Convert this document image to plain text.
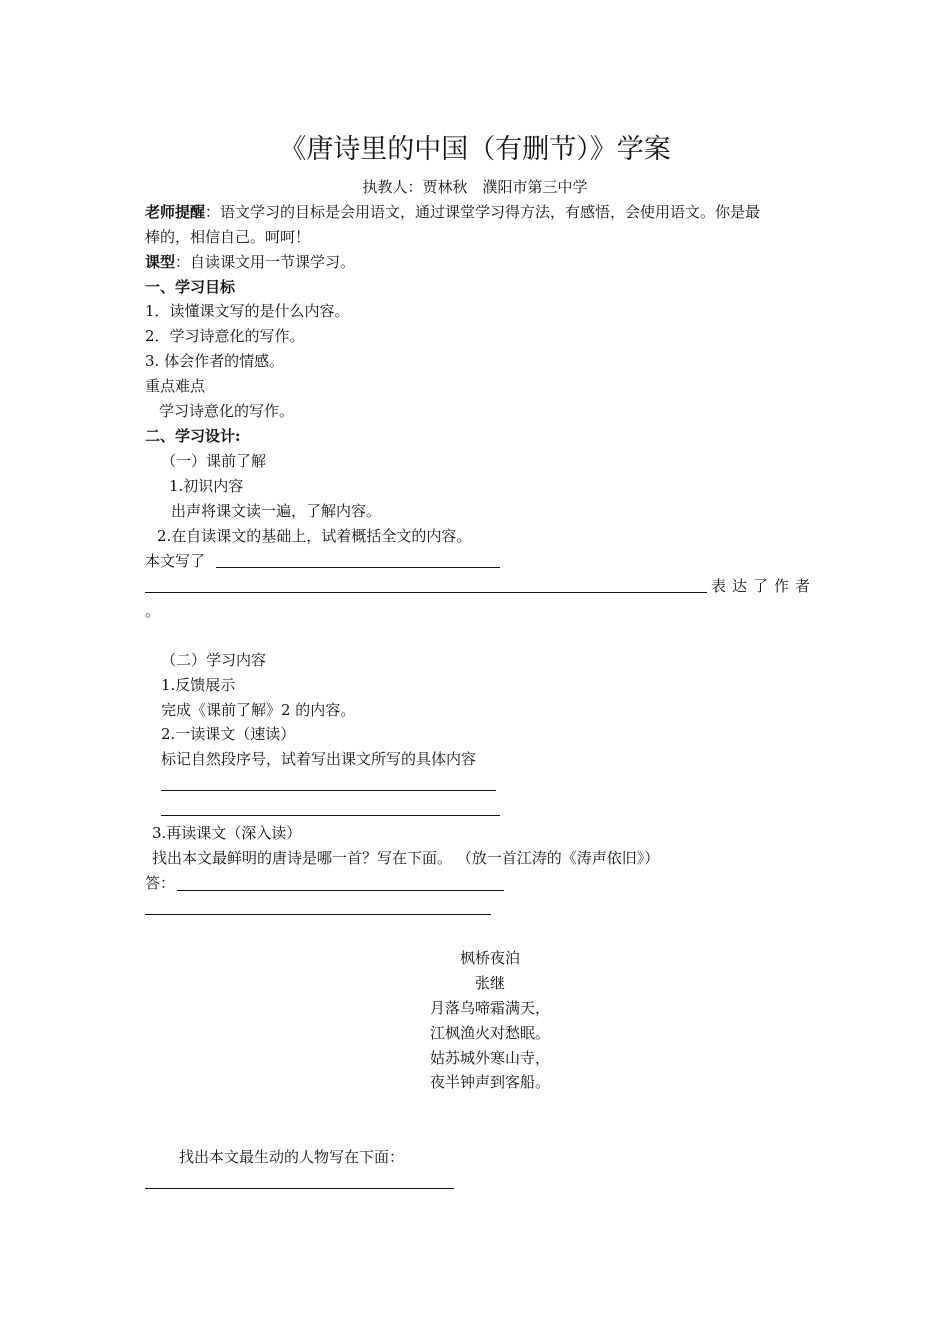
《唐诗里的中国（有删节）》学案
执教人：贾林秋　濮阳市第三中学
老师提醒：语文学习的目标是会用语文，通过课堂学习得方法，有感悟，会使用语文。你是最
棒的，相信自己。呵呵！
课型：自读课文用一节课学习。
一、学习目标
1．读懂课文写的是什么内容。
2．学习诗意化的写作。
3. 体会作者的情感。
重点难点
学习诗意化的写作。
二、学习设计:
（一）课前了解
1.初识内容
出声将课文读一遍，了解内容。
2.在自读课文的基础上，试着概括全文的内容。
本文写了
表达了作者
。
（二）学习内容
1.反馈展示
完成《课前了解》2 的内容。
2.一读课文（速读）
标记自然段序号，试着写出课文所写的具体内容
3.再读课文（深入读）
找出本文最鲜明的唐诗是哪一首？写在下面。 （放一首江涛的《涛声依旧》）
答：
枫桥夜泊
张继
月落乌啼霜满天，
江枫渔火对愁眠。
姑苏城外寒山寺，
夜半钟声到客船。
找出本文最生动的人物写在下面：
